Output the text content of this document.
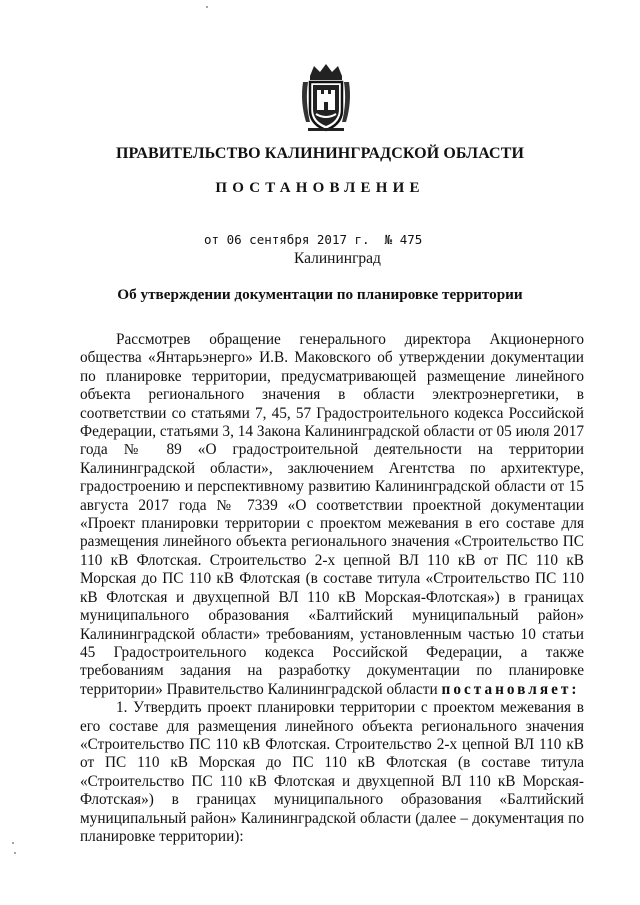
ПРАВИТЕЛЬСТВО КАЛИНИНГРАДСКОЙ ОБЛАСТИ
ПОСТАНОВЛЕНИЕ
от 06 сентября 2017 г. № 475
Калининград
Об утверждении документации по планировке территории

Рассмотрев обращение генерального директора Акционерного общества «Янтарьэнерго» И.В. Маковского об утверждении документации по планировке территории, предусматривающей размещение линейного объекта регионального значения в области электроэнергетики, в соответствии со статьями 7, 45, 57 Градостроительного кодекса Российской Федерации, статьями 3, 14 Закона Калининградской области от 05 июля 2017 года № 89 «О градостроительной деятельности на территории Калининградской области», заключением Агентства по архитектуре, градостроению и перспективному развитию Калининградской области от 15 августа 2017 года № 7339 «О соответствии проектной документации «Проект планировки территории с проектом межевания в его составе для размещения линейного объекта регионального значения «Строительство ПС 110 кВ Флотская. Строительство 2-х цепной ВЛ 110 кВ от ПС 110 кВ Морская до ПС 110 кВ Флотская (в составе титула «Строительство ПС 110 кВ Флотская и двухцепной ВЛ 110 кВ Морская-Флотская») в границах муниципального образования «Балтийский муниципальный район» Калининградской области» требованиям, установленным частью 10 статьи 45 Градостроительного кодекса Российской Федерации, а также требованиям задания на разработку документации по планировке территории» Правительство Калининградской области постановляет:

1. Утвердить проект планировки территории с проектом межевания в его составе для размещения линейного объекта регионального значения «Строительство ПС 110 кВ Флотская. Строительство 2-х цепной ВЛ 110 кВ от ПС 110 кВ Морская до ПС 110 кВ Флотская (в составе титула «Строительство ПС 110 кВ Флотская и двухцепной ВЛ 110 кВ Морская-Флотская») в границах муниципального образования «Балтийский муниципальный район» Калининградской области (далее – документация по планировке территории):
